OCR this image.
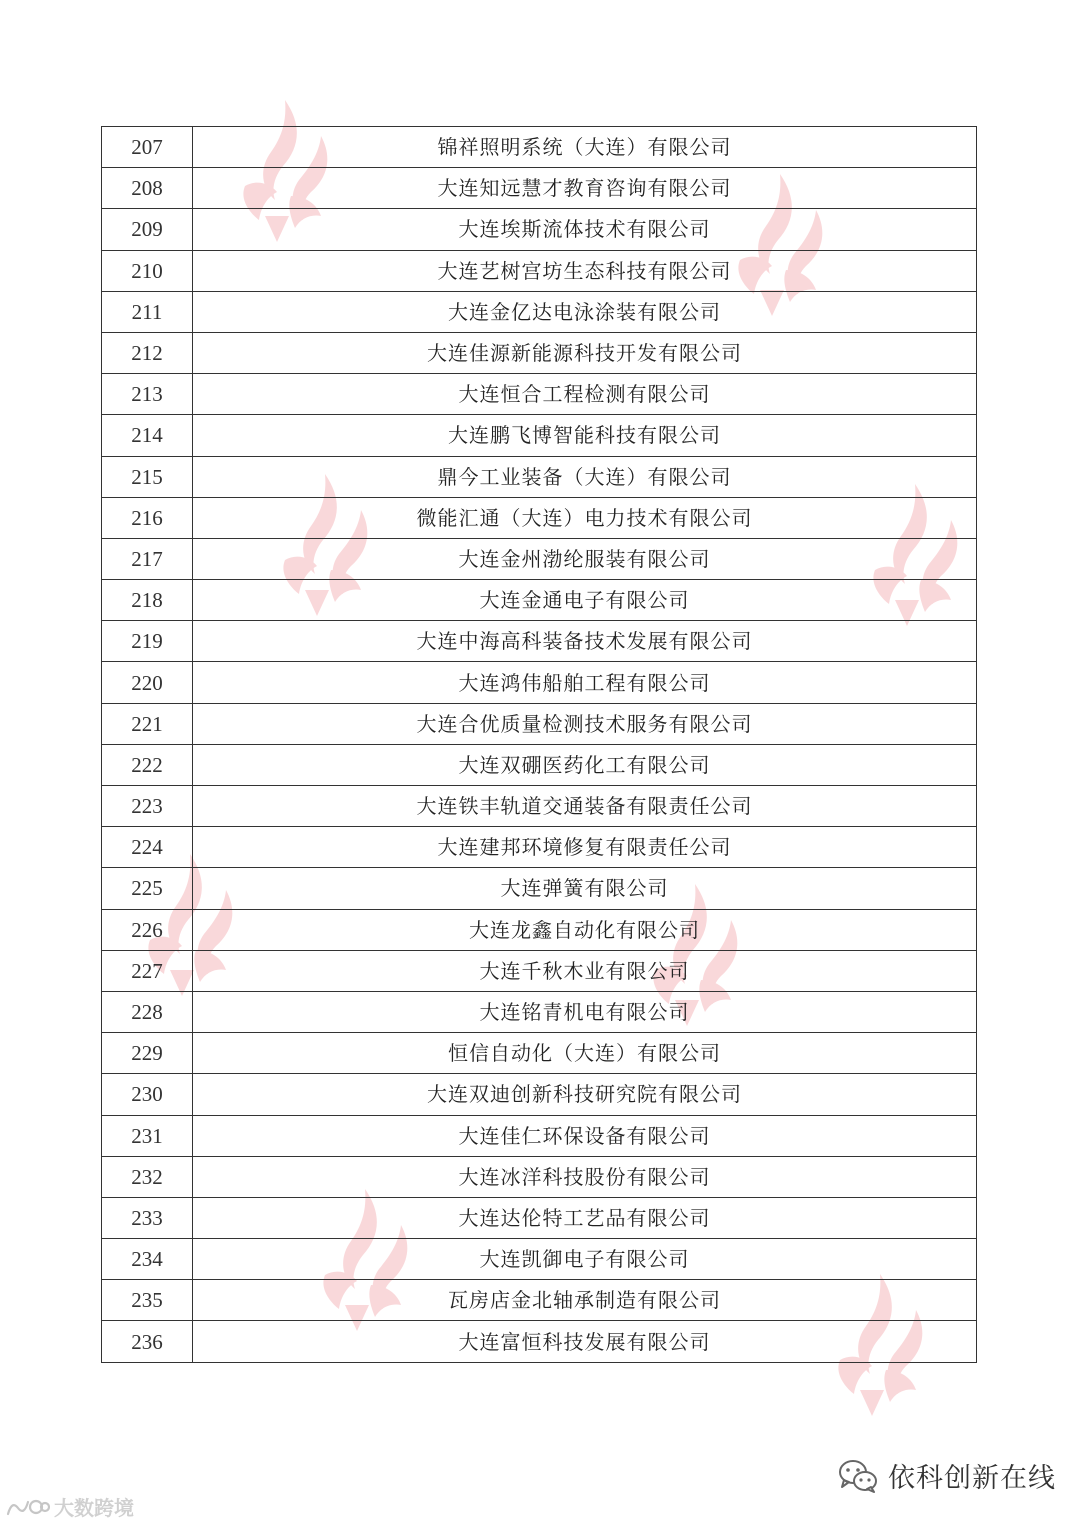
207	锦祥照明系统（大连）有限公司
208	大连知远慧才教育咨询有限公司
209	大连埃斯流体技术有限公司
210	大连艺树宫坊生态科技有限公司
211	大连金亿达电泳涂装有限公司
212	大连佳源新能源科技开发有限公司
213	大连恒合工程检测有限公司
214	大连鹏飞博智能科技有限公司
215	鼎今工业装备（大连）有限公司
216	微能汇通（大连）电力技术有限公司
217	大连金州渤纶服装有限公司
218	大连金通电子有限公司
219	大连中海高科装备技术发展有限公司
220	大连鸿伟船舶工程有限公司
221	大连合优质量检测技术服务有限公司
222	大连双硼医药化工有限公司
223	大连铁丰轨道交通装备有限责任公司
224	大连建邦环境修复有限责任公司
225	大连弹簧有限公司
226	大连龙鑫自动化有限公司
227	大连千秋木业有限公司
228	大连铭青机电有限公司
229	恒信自动化（大连）有限公司
230	大连双迪创新科技研究院有限公司
231	大连佳仁环保设备有限公司
232	大连冰洋科技股份有限公司
233	大连达伦特工艺品有限公司
234	大连凯御电子有限公司
235	瓦房店金北轴承制造有限公司
236	大连富恒科技发展有限公司
依科创新在线
大数跨境
